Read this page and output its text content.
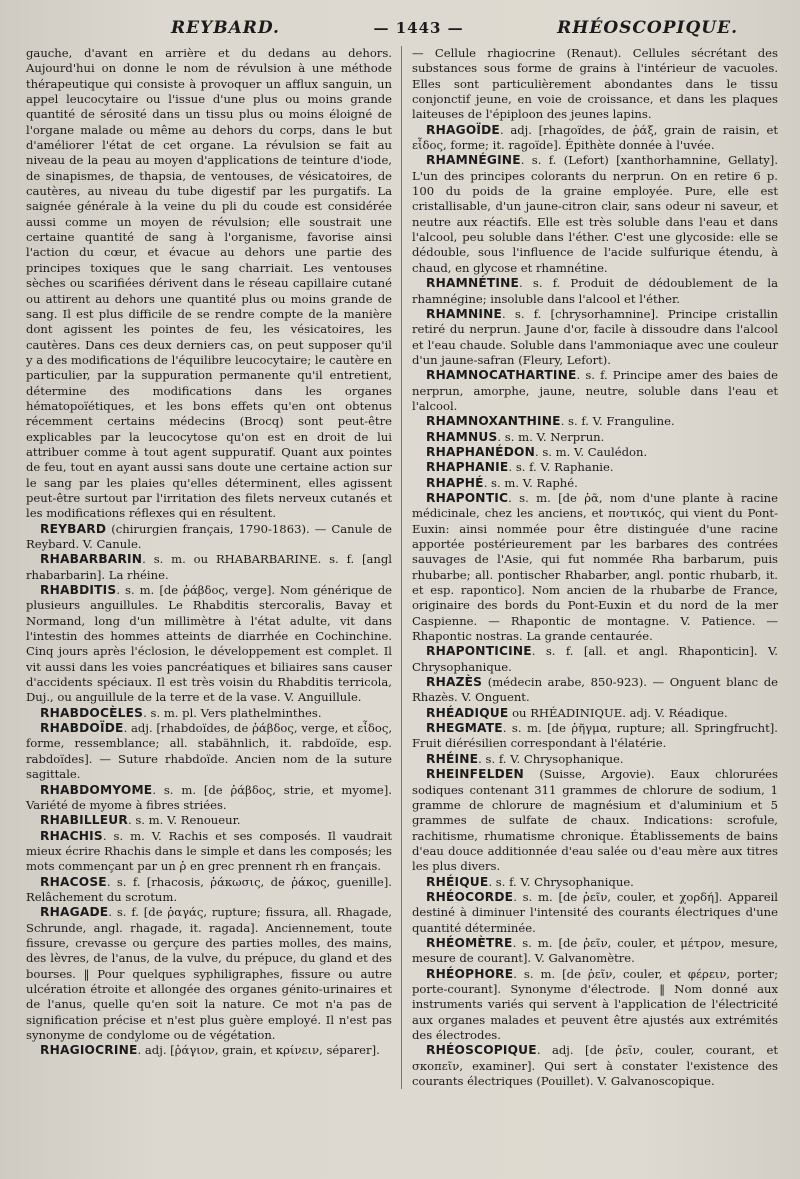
REYBARD.	— 1443 —	RHÉOSCOPIQUE.

gauche, d'avant en arrière et du dedans au dehors. Aujourd'hui on donne le nom de révulsion à une méthode thérapeutique qui consiste à provoquer un afflux sanguin, un appel leucocytaire ou l'issue d'une plus ou moins grande quantité de sérosité dans un tissu plus ou moins éloigné de l'organe malade ou même au dehors du corps, dans le but d'améliorer l'état de cet organe. La révulsion se fait au niveau de la peau au moyen d'applications de teinture d'iode, de sinapismes, de thapsia, de ventouses, de vésicatoires, de cautères, au niveau du tube digestif par les purgatifs. La saignée générale à la veine du pli du coude est considérée aussi comme un moyen de révulsion; elle soustrait une certaine quantité de sang à l'organisme, favorise ainsi l'action du cœur, et évacue au dehors une partie des principes toxiques que le sang charriait. Les ventouses sèches ou scarifiées dérivent dans le réseau capillaire cutané ou attirent au dehors une quantité plus ou moins grande de sang. Il est plus difficile de se rendre compte de la manière dont agissent les pointes de feu, les vésicatoires, les cautères. Dans ces deux derniers cas, on peut supposer qu'il y a des modifications de l'équilibre leucocytaire; le cautère en particulier, par la suppuration permanente qu'il entretient, détermine des modifications dans les organes hématopoïétiques, et les bons effets qu'en ont obtenus récemment certains médecins (Brocq) sont peut-être explicables par la leucocytose qu'on est en droit de lui attribuer comme à tout agent suppuratif. Quant aux pointes de feu, tout en ayant aussi sans doute une certaine action sur le sang par les plaies qu'elles déterminent, elles agissent peut-être surtout par l'irritation des filets nerveux cutanés et les modifications réflexes qui en résultent.

REYBARD (chirurgien français, 1790-1863). — Canule de Reybard. V. Canule.

RHABARBARIN. s. m. ou RHABARBARINE. s. f. [angl rhabarbarin]. La rhéine.

RHABDITIS. s. m. [de ῥάβδος, verge]. Nom générique de plusieurs anguillules. Le Rhabditis stercoralis, Bavay et Normand, long d'un millimètre à l'état adulte, vit dans l'intestin des hommes atteints de diarrhée en Cochinchine. Cinq jours après l'éclosion, le développement est complet. Il vit aussi dans les voies pancréatiques et biliaires sans causer d'accidents spéciaux. Il est très voisin du Rhabditis terricola, Duj., ou anguillule de la terre et de la vase. V. Anguillule.

RHABDOCÈLES. s. m. pl. Vers plathelminthes.

RHABDOÏDE. adj. [rhabdoïdes, de ῥάβδος, verge, et εἶδος, forme, ressemblance; all. stabähnlich, it. rabdoïde, esp. rabdoïdes]. — Suture rhabdoïde. Ancien nom de la suture sagittale.

RHABDOMYOME. s. m. [de ῥάβδος, strie, et myome]. Variété de myome à fibres striées.

RHABILLEUR. s. m. V. Renoueur.

RHACHIS. s. m. V. Rachis et ses composés. Il vaudrait mieux écrire Rhachis dans le simple et dans les composés; les mots commençant par un ῥ en grec prennent rh en français.

RHACOSE. s. f. [rhacosis, ῥάκωσις, de ῥάκος, guenille]. Relâchement du scrotum.

RHAGADE. s. f. [de ῥαγάς, rupture; fissura, all. Rhagade, Schrunde, angl. rhagade, it. ragada]. Anciennement, toute fissure, crevasse ou gerçure des parties molles, des mains, des lèvres, de l'anus, de la vulve, du prépuce, du gland et des bourses. ‖ Pour quelques syphiligraphes, fissure ou autre ulcération étroite et allongée des organes génito-urinaires et de l'anus, quelle qu'en soit la nature. Ce mot n'a pas de signification précise et n'est plus guère employé. Il n'est pas synonyme de condylome ou de végétation.

RHAGIOCRINE. adj. [ῥάγιον, grain, et κρίνειν, séparer].

— Cellule rhagiocrine (Renaut). Cellules sécrétant des substances sous forme de grains à l'intérieur de vacuoles. Elles sont particulièrement abondantes dans le tissu conjonctif jeune, en voie de croissance, et dans les plaques laiteuses de l'épiploon des jeunes lapins.

RHAGOÏDE. adj. [rhagoïdes, de ῥάξ, grain de raisin, et εἶδος, forme; it. ragoïde]. Épithète donnée à l'uvée.

RHAMNÉGINE. s. f. (Lefort) [xanthorhamnine, Gellaty]. L'un des principes colorants du nerprun. On en retire 6 p. 100 du poids de la graine employée. Pure, elle est cristallisable, d'un jaune-citron clair, sans odeur ni saveur, et neutre aux réactifs. Elle est très soluble dans l'eau et dans l'alcool, peu soluble dans l'éther. C'est une glycoside: elle se dédouble, sous l'influence de l'acide sulfurique étendu, à chaud, en glycose et rhamnétine.

RHAMNÉTINE. s. f. Produit de dédoublement de la rhamnégine; insoluble dans l'alcool et l'éther.

RHAMNINE. s. f. [chrysorhamnine]. Principe cristallin retiré du nerprun. Jaune d'or, facile à dissoudre dans l'alcool et l'eau chaude. Soluble dans l'ammoniaque avec une couleur d'un jaune-safran (Fleury, Lefort).

RHAMNOCATHARTINE. s. f. Principe amer des baies de nerprun, amorphe, jaune, neutre, soluble dans l'eau et l'alcool.

RHAMNOXANTHINE. s. f. V. Franguline.

RHAMNUS. s. m. V. Nerprun.

RHAPHANÉDON. s. m. V. Caulédon.

RHAPHANIE. s. f. V. Raphanie.

RHAPHÉ. s. m. V. Raphé.

RHAPONTIC. s. m. [de ῥᾶ, nom d'une plante à racine médicinale, chez les anciens, et ποντικός, qui vient du Pont-Euxin: ainsi nommée pour être distinguée d'une racine apportée postérieurement par les barbares des contrées sauvages de l'Asie, qui fut nommée Rha barbarum, puis rhubarbe; all. pontischer Rhabarber, angl. pontic rhubarb, it. et esp. rapontico]. Nom ancien de la rhubarbe de France, originaire des bords du Pont-Euxin et du nord de la mer Caspienne. — Rhapontic de montagne. V. Patience. — Rhapontic nostras. La grande centaurée.

RHAPONTICINE. s. f. [all. et angl. Rhaponticin]. V. Chrysophanique.

RHAZÈS (médecin arabe, 850-923). — Onguent blanc de Rhazès. V. Onguent.

RHÉADIQUE ou RHÉADINIQUE. adj. V. Réadique.

RHEGMATE. s. m. [de ῥῆγμα, rupture; all. Springfrucht]. Fruit diérésilien correspondant à l'élatérie.

RHÉINE. s. f. V. Chrysophanique.

RHEINFELDEN (Suisse, Argovie). Eaux chlorurées sodiques contenant 311 grammes de chlorure de sodium, 1 gramme de chlorure de magnésium et d'aluminium et 5 grammes de sulfate de chaux. Indications: scrofule, rachitisme, rhumatisme chronique. Établissements de bains d'eau douce additionnée d'eau salée ou d'eau mère aux titres les plus divers.

RHÉIQUE. s. f. V. Chrysophanique.

RHÉOCORDE. s. m. [de ῥεῖν, couler, et χορδή]. Appareil destiné à diminuer l'intensité des courants électriques d'une quantité déterminée.

RHÉOMÈTRE. s. m. [de ῥεῖν, couler, et μέτρον, mesure, mesure de courant]. V. Galvanomètre.

RHÉOPHORE. s. m. [de ῥεῖν, couler, et φέρειν, porter; porte-courant]. Synonyme d'électrode. ‖ Nom donné aux instruments variés qui servent à l'application de l'électricité aux organes malades et peuvent être ajustés aux extrémités des électrodes.

RHÉOSCOPIQUE. adj. [de ῥεῖν, couler, courant, et σκοπεῖν, examiner]. Qui sert à constater l'existence des courants électriques (Pouillet). V. Galvanoscopique.
